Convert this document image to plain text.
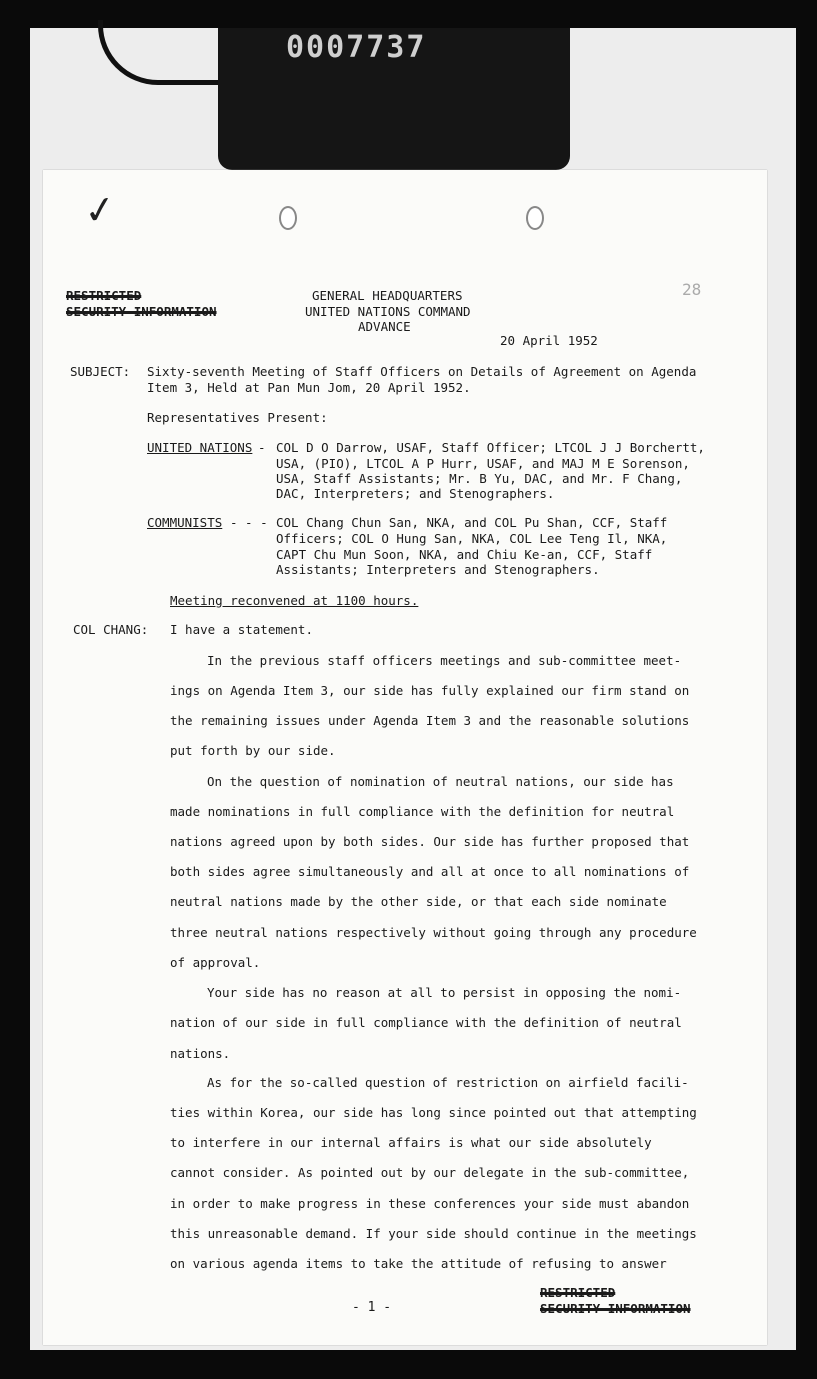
0007737
✓
28
RESTRICTED
SECURITY INFORMATION
GENERAL HEADQUARTERS
UNITED NATIONS COMMAND
ADVANCE
20 April 1952
SUBJECT: Sixty-seventh Meeting of Staff Officers on Details of Agreement on Agenda
Item 3, Held at Pan Mun Jom, 20 April 1952.
Representatives Present:
UNITED NATIONS - COL D O Darrow, USAF, Staff Officer; LTCOL J J Borchertt,
USA, (PIO), LTCOL A P Hurr, USAF, and MAJ M E Sorenson,
USA, Staff Assistants; Mr. B Yu, DAC, and Mr. F Chang,
DAC, Interpreters; and Stenographers.
COMMUNISTS - - - COL Chang Chun San, NKA, and COL Pu Shan, CCF, Staff
Officers; COL O Hung San, NKA, COL Lee Teng Il, NKA,
CAPT Chu Mun Soon, NKA, and Chiu Ke-an, CCF, Staff
Assistants; Interpreters and Stenographers.
Meeting reconvened at 1100 hours.
COL CHANG: I have a statement.
In the previous staff officers meetings and sub-committee meet-
ings on Agenda Item 3, our side has fully explained our firm stand on
the remaining issues under Agenda Item 3 and the reasonable solutions
put forth by our side.
On the question of nomination of neutral nations, our side has
made nominations in full compliance with the definition for neutral
nations agreed upon by both sides. Our side has further proposed that
both sides agree simultaneously and all at once to all nominations of
neutral nations made by the other side, or that each side nominate
three neutral nations respectively without going through any procedure
of approval.
Your side has no reason at all to persist in opposing the nomi-
nation of our side in full compliance with the definition of neutral
nations.
As for the so-called question of restriction on airfield facili-
ties within Korea, our side has long since pointed out that attempting
to interfere in our internal affairs is what our side absolutely
cannot consider. As pointed out by our delegate in the sub-committee,
in order to make progress in these conferences your side must abandon
this unreasonable demand. If your side should continue in the meetings
on various agenda items to take the attitude of refusing to answer
- 1 -
RESTRICTED
SECURITY INFORMATION
